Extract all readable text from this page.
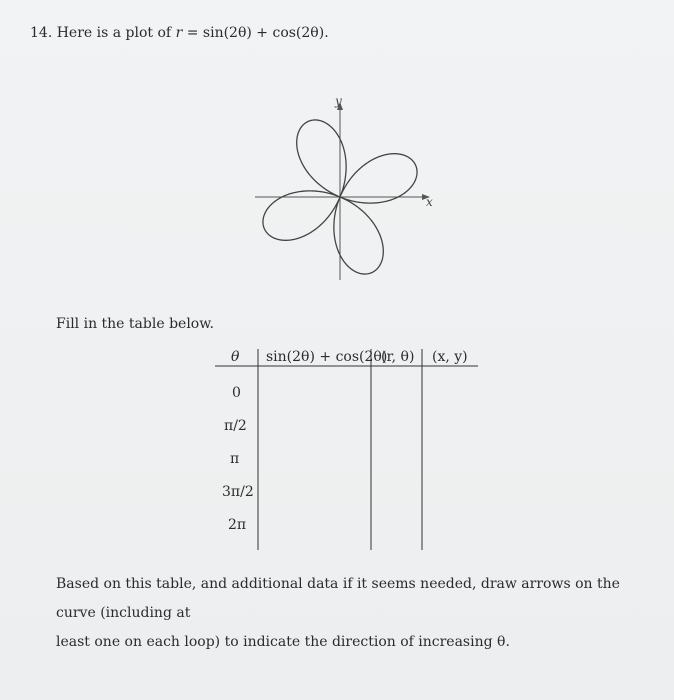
14. Here is a plot of r = sin(2θ) + cos(2θ).
x
y
Fill in the table below.
θ sin(2θ) + cos(2θ)
(r, θ) (x, y)
0
π/2
π
3π/2
2π
Based on this table, and additional data if it seems needed, draw arrows on the curve (including at
least one on each loop) to indicate the direction of increasing θ.
